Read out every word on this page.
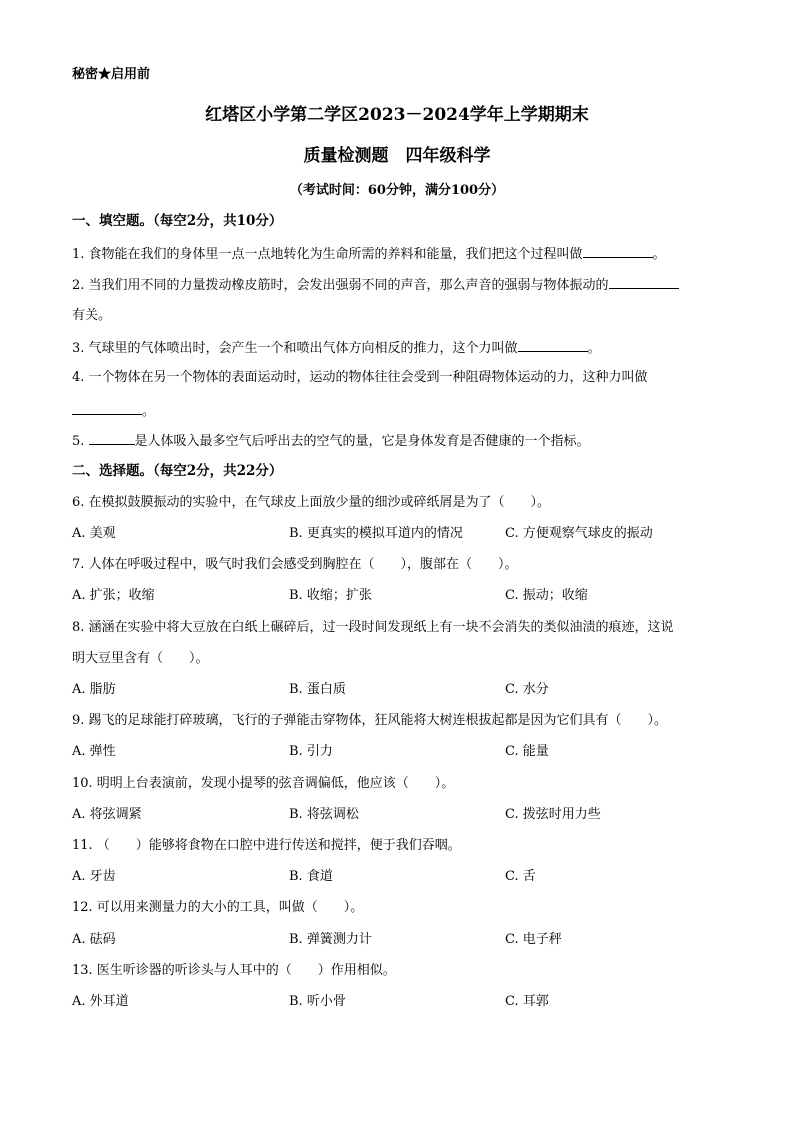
秘密★启用前
红塔区小学第二学区2023－2024学年上学期期末
质量检测题　四年级科学
（考试时间：60分钟，满分100分）
一、填空题。（每空2分，共10分）
1. 食物能在我们的身体里一点一点地转化为生命所需的养料和能量，我们把这个过程叫做	。
2. 当我们用不同的力量拨动橡皮筋时，会发出强弱不同的声音，那么声音的强弱与物体振动的
有关。
3. 气球里的气体喷出时，会产生一个和喷出气体方向相反的推力，这个力叫做	。
4. 一个物体在另一个物体的表面运动时，运动的物体往往会受到一种阻碍物体运动的力，这种力叫做
。
5.	是人体吸入最多空气后呼出去的空气的量，它是身体发育是否健康的一个指标。
二、选择题。（每空2分，共22分）
6. 在模拟鼓膜振动的实验中，在气球皮上面放少量的细沙或碎纸屑是为了（　　）。
A. 美观	B. 更真实的模拟耳道内的情况	C. 方便观察气球皮的振动
7. 人体在呼吸过程中，吸气时我们会感受到胸腔在（　　），腹部在（　　）。
A. 扩张；收缩	B. 收缩；扩张	C. 振动；收缩
8. 涵涵在实验中将大豆放在白纸上碾碎后，过一段时间发现纸上有一块不会消失的类似油渍的痕迹，这说
明大豆里含有（　　）。
A. 脂肪	B. 蛋白质	C. 水分
9. 踢飞的足球能打碎玻璃，飞行的子弹能击穿物体，狂风能将大树连根拔起都是因为它们具有（　　）。
A. 弹性	B. 引力	C. 能量
10. 明明上台表演前，发现小提琴的弦音调偏低，他应该（　　）。
A. 将弦调紧	B. 将弦调松	C. 拨弦时用力些
11. （　　）能够将食物在口腔中进行传送和搅拌，便于我们吞咽。
A. 牙齿	B. 食道	C. 舌
12. 可以用来测量力的大小的工具，叫做（　　）。
A. 砝码	B. 弹簧测力计	C. 电子秤
13. 医生听诊器的听诊头与人耳中的（　　）作用相似。
A. 外耳道	B. 听小骨	C. 耳郭
